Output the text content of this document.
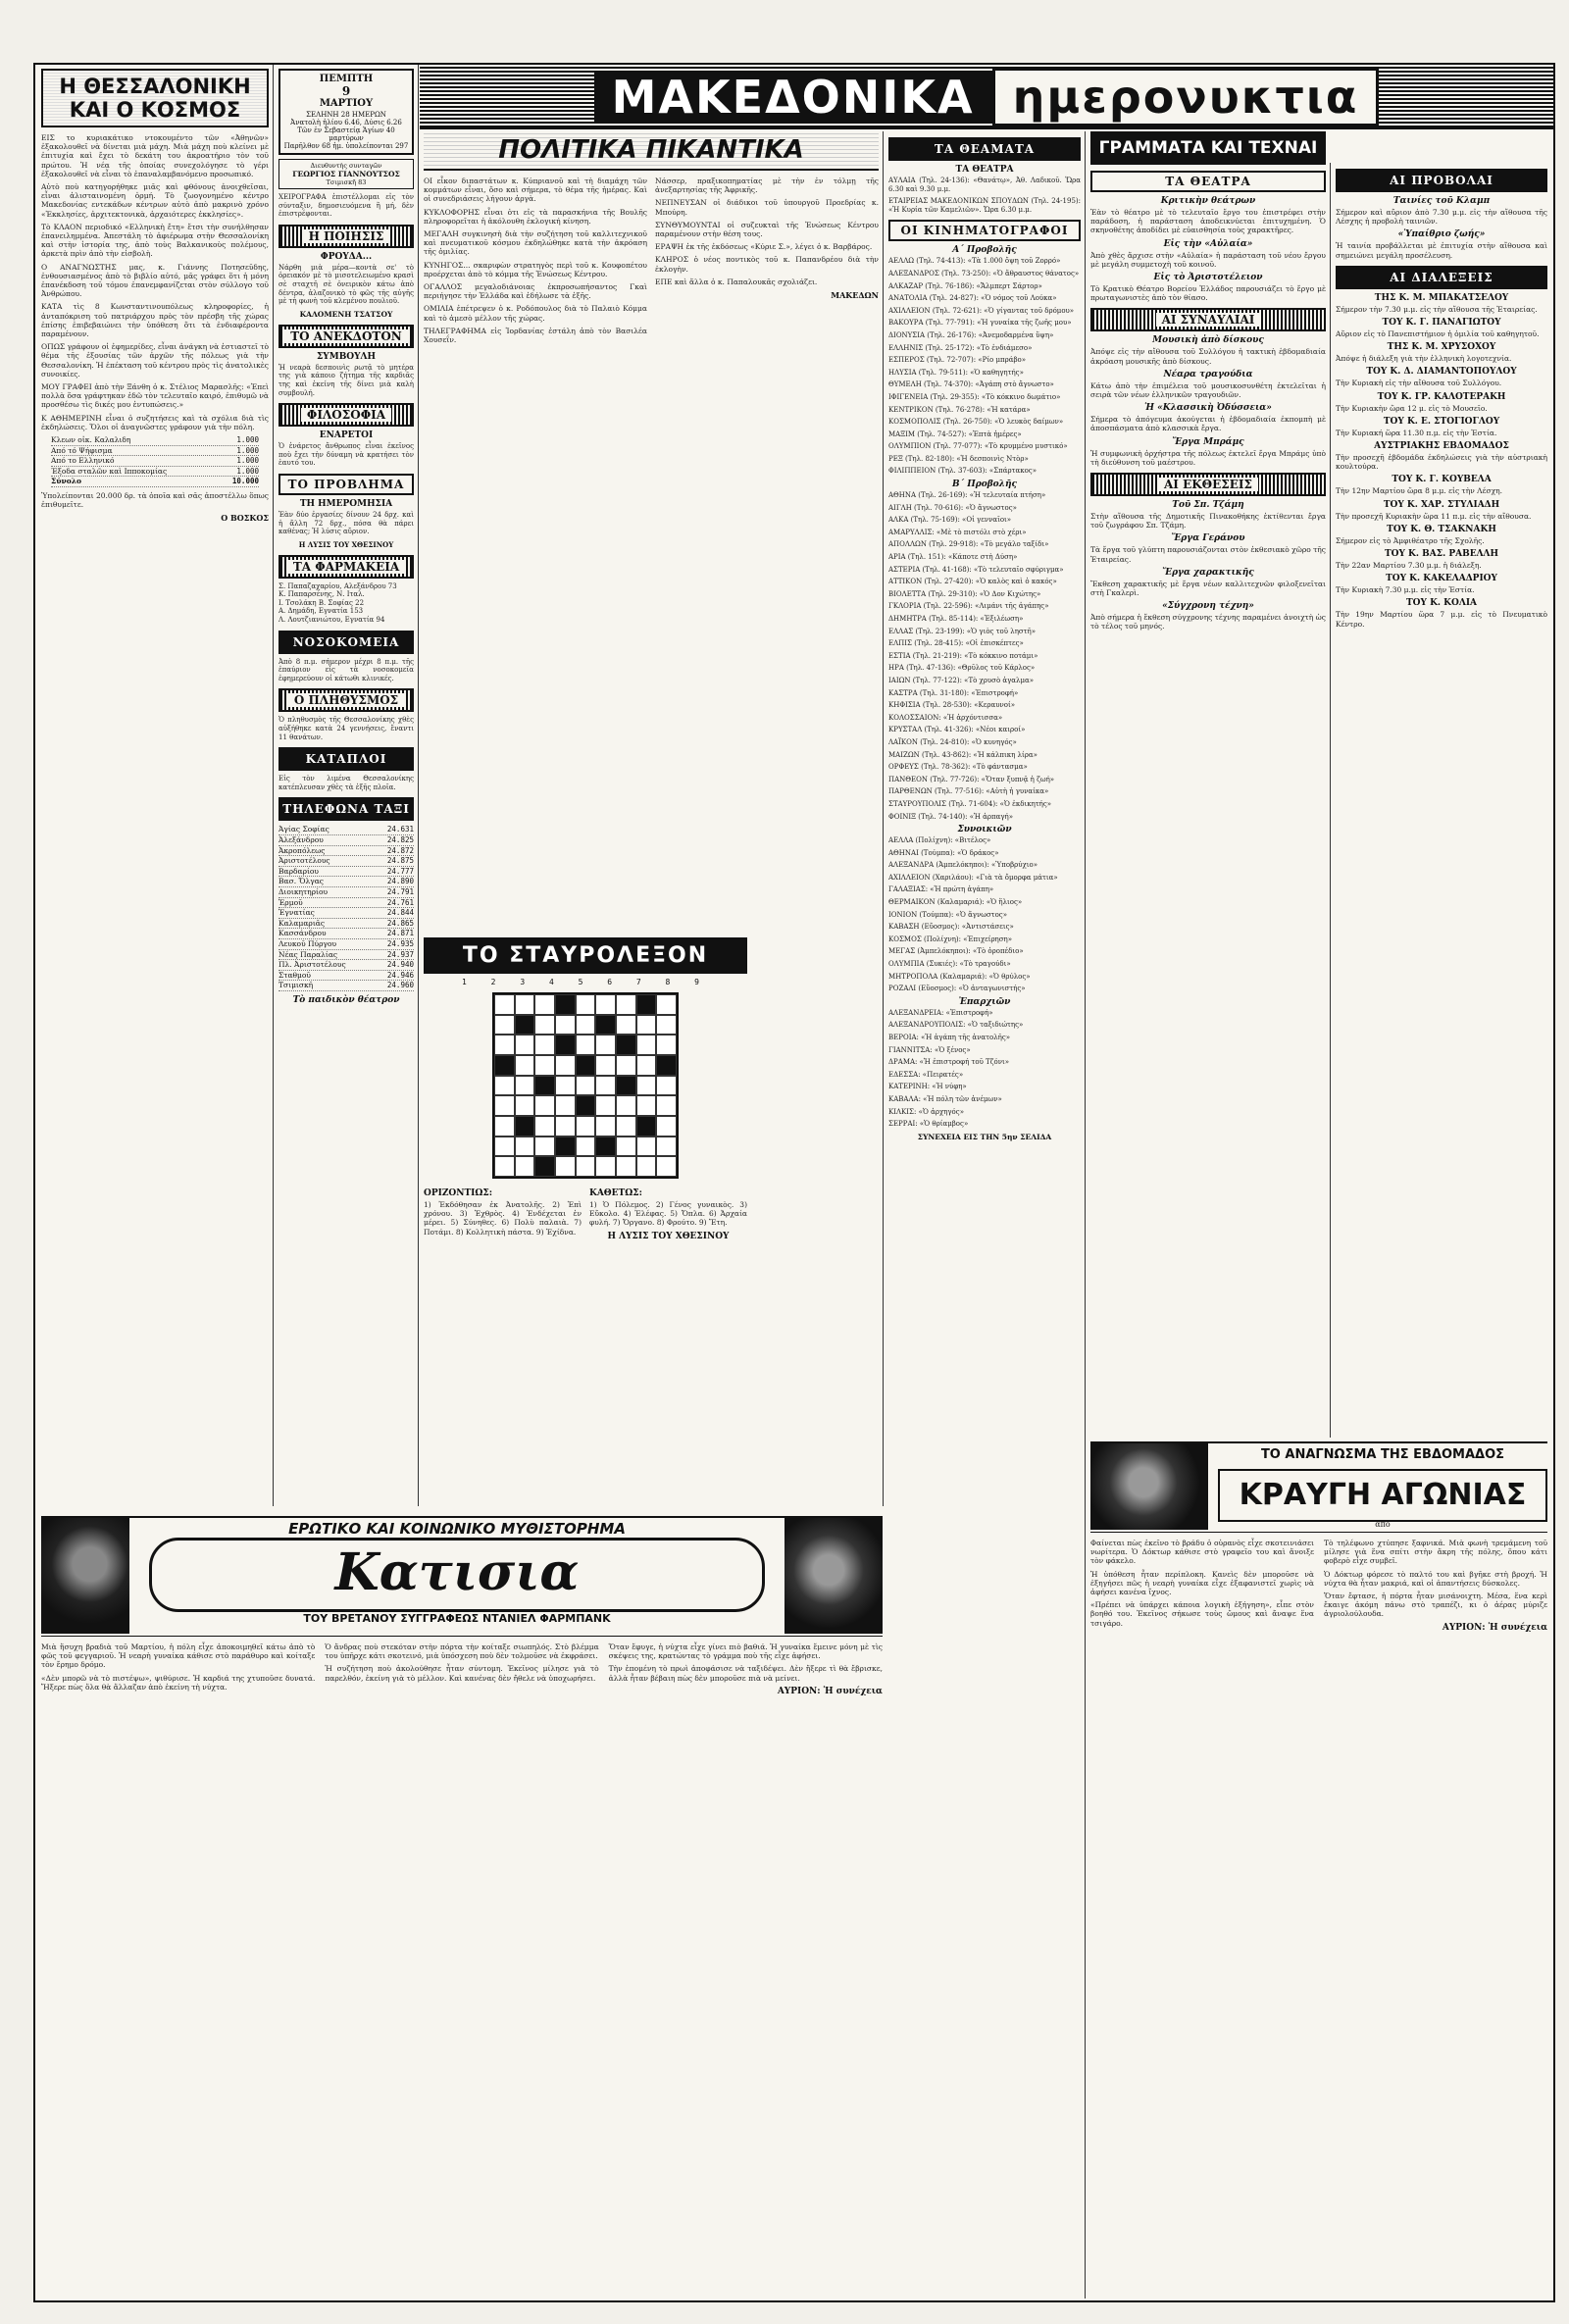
ΜΑΚΕΔΟΝΙΚΑ ημερονυκτια
Η ΘΕΣΣΑΛΟΝΙΚΗ ΚΑΙ Ο ΚΟΣΜΟΣ

ΕΙΣ το κυριακάτικο ντοκουμέντο τῶν «Ἀθηνῶν» ἐξακολουθεῖ νὰ δίνεται μιὰ μάχη. Μιὰ μάχη ποὺ κλείνει μὲ ἐπιτυχία καὶ ἔχει τὸ δεκάτη του ἀκροατήριο τὸν τοῦ πρώτου. Ἡ νέα τῆς ὁποίας συνεχολόγησε τὸ γέρι ἐξακολουθεῖ νὰ εἶναι τὸ ἐπαναλαμβανόμενο προσωπικό.

Αὐτὸ ποὺ κατηγορήθηκε μιᾶς καὶ φθόνους ἀνοιχθεῖσαι, εἶναι ἁλισταινομένη ὁρμή. Τὸ ζωογονημένο κέντρο Μακεδονίας εντεκάδων κέντρων αὐτὸ ἀπὸ μακρινὸ χρόνο «Ἐκκλησίες, ἀρχιτεκτονικὰ, ἀρχαιότερες ἐκκλησίες».

Τὸ ΚΛΑΟΝ περιοδικό «Ελληνικὴ ἔτη» ἔτσι τὴν συνήλθησαν ἐπανειλημμένα. Ἀπεστάλη τὸ ἀφιέρωμα στὴν Θεσσαλονίκη καὶ στὴν ἱστορία της, ἀπὸ τοὺς Βαλκανικοὺς πολέμους, ἀρκετὰ πρὶν ἀπὸ τὴν εἰσβολὴ.

Ο ΑΝΑΓΝΩΣΤΗΣ μας, κ. Γιάννης Ποτησεῦδης, ἐνθουσιασμένος ἀπὸ τὸ βιβλίο αὐτό, μᾶς γράφει ὅτι ἡ μόνη ἐπανέκδοση τοῦ τόμου ἐπανεμφανίζεται στὸν σύλλογο τοῦ Ἀνθρώπου.

ΚΑΤΑ τὶς 8 Κωνσταντινουπόλεως κληροφορίες, ἡ ἀνταπόκριση τοῦ πατριάρχου πρὸς τὸν πρέσβη τῆς χώρας ἐπίσης ἐπιβεβαιώνει τὴν ὑπόθεση ὅτι τὰ ἐνδιαφέροντα παραμένουν.

ΟΠΩΣ γράφουν οἱ ἐφημερίδες, εἶναι ἀνάγκη νὰ ἑστιαστεῖ τὸ θέμα τῆς ἐξουσίας τῶν ἀρχῶν τῆς πόλεως γιὰ τὴν Θεσσαλονίκη. Ἡ ἐπέκταση τοῦ κέντρου πρὸς τὶς ἀνατολικὲς συνοικίες.

ΜΟΥ ΓΡΑΦΕΙ ἀπὸ τὴν Ξάνθη ὁ κ. Στέλιος Μαρασλῆς: «Ἐπεὶ πολλὰ ὅσα γράφτηκαν ἐδῶ τὸν τελευταῖο καιρό, ἐπιθυμῶ νὰ προσθέσω τὶς δικές μου ἐντυπώσεις.»

Κ ΑΘΗΜΕΡΙΝΗ εἶναι ὁ συζητήσεις καὶ τὰ σχόλια διὰ τὶς ἐκδηλώσεις. Ὅλοι οἱ ἀναγνῶστες γράφουν γιὰ τὴν πόλη.

Κλεων οἰκ. Καλαλιδη	1.000
Από τό Ψήφισμα	1.000
Από το Ελληνικό	1.000
Έξοδα σταλῶν καὶ Ιπποκομίας	1.000
Σύνολο	10.000

Ὑπολείπονται 20.000 δρ. τὰ ὁποῖα καὶ σᾶς ἀποστέλλω ὅπως ἐπιθυμεῖτε.

Ο ΒΟΣΚΟΣ
ΠΕΜΠΤΗ
9
ΜΑΡΤΙΟΥ
ΣΕΛΗΝΗ 28 ΗΜΕΡΩΝ
Ἀνατολὴ ἡλίου 6.46, Δύσις 6.26
Τῶν ἐν Σεβαστείᾳ Ἁγίων 40 μαρτύρων
Παρῆλθον 68 ἡμ. ὑπολείπονται 297
Διευθυντὴς συνταγῶν
ΓΕΩΡΓΙΟΣ ΓΙΑΝΝΟΥΤΣΟΣ
Τσιμισκῆ 83

ΧΕΙΡΟΓΡΑΦΑ ἐπιστέλλομαι εἰς τὸν σύνταξιν, δημοσιευόμενα ἢ μή, δὲν ἐπιστρέφονται.

Η ΠΟΙΗΣΙΣ
ΦΡΟΥΔΑ...

Νάρθη μιὰ μέρα—κοντὰ σε' τὸ ὀρειακόν μὲ τὸ μισοτελειωμένο κρασὶ σὲ σταχτῆ σὲ ὀνειρικὸν κάτω ἀπὸ δέντρα, ἀλαζονικὸ τὸ φῶς τῆς αὐγῆς μὲ τὴ φωνὴ τοῦ κλεμένου πουλιοῦ.

ΚΑΛΟΜΕΝΗ ΤΣΑΤΣΟΥ
ΤΟ ΑΝΕΚΔΟΤΟΝ
ΣΥΜΒΟΥΛΗ

Ἡ νεαρὰ δεσποινὶς ρωτᾷ τὸ μητέρα της γιὰ κάποιο ζήτημα τῆς καρδιᾶς της καὶ ἐκείνη τῆς δίνει μιὰ καλὴ συμβουλή.

ΦΙΛΟΣΟΦΙΑ
ΕΝΑΡΕΤΟΙ

Ὁ ἐνάρετος ἄνθρωπος εἶναι ἐκεῖνος ποὺ ἔχει τὴν δύναμη νὰ κρατήσει τὸν ἑαυτό του.

ΤΟ ΠΡΟΒΛΗΜΑ
ΤΗ ΗΜΕΡΟΜΗΣΙΑ

Ἐὰν δύο ἐργασίες δίνουν 24 δρχ. καὶ ἡ ἄλλη 72 δρχ., πόσα θὰ πάρει καθένας; Ἡ λύσις αὔριον.

Η ΛΥΣΙΣ ΤΟΥ ΧΘΕΣΙΝΟΥ
ΤΑ ΦΑΡΜΑΚΕΙΑ
Σ. Παπαζαχαρίου, Αλεξάνδρου 73
Κ. Παπαρσένης, Ν. Ιταλ.
Ι. Τσολάκη Β. Σοφίας 22
Α. Δημάδη, Εγνατία 153
Λ. Λουτζιανιώτου, Εγνατία 94
ΝΟΣΟΚΟΜΕΙΑ

Ἀπὸ 8 π.μ. σήμερον μέχρι 8 π.μ. τῆς ἐπαύριον εἰς τὰ νοσοκομεῖα ἐφημερεύουν οἱ κάτωθι κλινικές.

Ο ΠΛΗΘΥΣΜΟΣ

Ὁ πληθυσμὸς τῆς Θεσσαλονίκης χθὲς αὐξήθηκε κατὰ 24 γεννήσεις, ἔναντι 11 θανάτων.

ΚΑΤΑΠΛΟΙ

Εἰς τὸν λιμένα Θεσσαλονίκης κατέπλευσαν χθὲς τὰ ἑξῆς πλοῖα.

ΤΗΛΕΦΩΝΑ ΤΑΞΙ
Ἁγίας Σοφίας	24.631
Ἁλεξάνδρου	24.825
Ἀκροπόλεως	24.872
Ἀριστοτέλους	24.875
Βαρδαρίου	24.777
Βασ. Ὄλγας	24.890
Διοικητηρίου	24.791
Ἑρμοῦ	24.761
Ἐγνατίας	24.844
Καλαμαριᾶς	24.865
Κασσάνδρου	24.871
Λευκοῦ Πύργου	24.935
Νέας Παραλίας	24.937
Πλ. Ἀριστοτέλους	24.940
Σταθμοῦ	24.946
Τσιμισκῆ	24.960
Τὸ παιδικὸν θέατρον
ΠΟΛΙΤΙΚΑ ΠΙΚΑΝΤΙΚΑ

ΟΙ εἶκον διπαστάτων κ. Κύπριανοῦ καὶ τὴ διαμάχη τῶν κομμάτων εἶναι, ὅσο καὶ σήμερα, τὸ θέμα τῆς ἡμέρας. Καὶ οἱ συνεδριάσεις λήγουν ἀργὰ.

ΚΥΚΛΟΦΟΡΗΣ εἶναι ὁτι εἰς τὰ παρασκήνια τῆς Βουλῆς πληροφορεῖται ἡ ἀκόλουθη ἐκλογική κίνηση.

ΜΕΓΑΛΗ συγκινησὴ διὰ τὴν συζήτηση τοῦ καλλιτεχνικοῦ καὶ πνευματικοῦ κόσμου ἐκδηλώθηκε κατὰ τὴν ἀκρόαση τῆς ὁμιλίας.

ΚΥΝΗΓΟΣ... σκαριφὼν στρατηγὸς περὶ τοῦ κ. Κουφοπέτου προέρχεται ἀπὸ τὸ κόμμα τῆς Ἑνώσεως Κέντρου.

ΟΓΑΛΛΟΣ μεγαλοδιάνοιας ἐκπροσωπήσαντος Γκαὶ περιήγησε τὴν Ἑλλάδα καὶ ἐδήλωσε τὰ ἑξῆς.

ΟΜΙΛΙΑ ἐπέτρεψεν ὁ κ. Ροδόπουλος διὰ τὸ Παλαιὸ Κόμμα καὶ τὸ ἀμεσὸ μέλλον τῆς χώρας.

ΤΗΛΕΓΡΑΦΗΜΑ εἰς Ἰορδανίας ἐστάλη ἀπὸ τὸν Βασιλέα Χουσεΐν.

Νάσσερ, πραξικοπηματίας μὲ τὴν ἐν τόλμῃ τῆς ἀνεξαρτησίας τῆς Ἀφρικῆς.

ΝΕΠΝΕΥΣΑΝ οἱ διάδικοι τοῦ ὑπουργοῦ Προεδρίας κ. Μπούρη.

ΣΥΝΘΥΜΟΥΝΤΑΙ οἱ συζευκταὶ τῆς Ἑνώσεως Κέντρου παραμένουν στὴν θέση τους.

ΕΡΑΨΗ ἐκ τῆς ἐκδόσεως «Κύριε Σ.», λέγει ὁ κ. Βαρβάρος.

ΚΛΗΡΟΣ ὁ νέος ποντικὸς τοῦ κ. Παπανδρέου διὰ τὴν ἐκλογὴν.

ΕΠΕ καὶ ἄλλα ὁ κ. Παπαλουκᾶς σχολιάζει.

ΜΑΚΕΔΩΝ
ΤΟ ΣΤΑΥΡΟΛΕΞΟΝ
1 2 3 4 5 6 7 8 9
ΟΡΙΖΟΝΤΙΩΣ:

1) Ἐκδόθησαν ἐκ Ἀνατολῆς. 2) Ἐπὶ χρόνου. 3) Ἐχθρὸς. 4) Ἐνδέχεται ἐν μέρει. 5) Σύνηθες. 6) Πολὺ παλαιὰ. 7) Ποτάμι. 8) Κολλητικὴ πάστα. 9) Ἐχίδνα.

ΚΑΘΕΤΩΣ:

1) Ὁ Πόλεμος. 2) Γένος γυναικὸς. 3) Εὔκολο. 4) Ἐλέφας. 5) Ὄπλα. 6) Ἀρχαία φυλή. 7) Ὄργανο. 8) Φρούτο. 9) Ἔτη.

Η ΛΥΣΙΣ ΤΟΥ ΧΘΕΣΙΝΟΥ
ΤΑ ΘΕΑΜΑΤΑ
ΤΑ ΘΕΑΤΡΑ

ΑΥΛΑΙΑ (Τηλ. 24-136): «Θανάτῳ», Ἀθ. Λαδικοῦ. Ὥρα 6.30 καὶ 9.30 μ.μ.

ΕΤΑΙΡΕΙΑΣ ΜΑΚΕΔΟΝΙΚΩΝ ΣΠΟΥΔΩΝ (Τηλ. 24-195): «Ἡ Κυρία τῶν Καμελιῶν». Ὥρα 6.30 μ.μ.

ΟΙ ΚΙΝΗΜΑΤΟΓΡΑΦΟΙ
Α΄ Προβολῆς

ΑΕΛΛΩ (Τηλ. 74-413): «Τὰ 1.000 ὄψη τοῦ Ζορρό»

ΑΛΕΞΑΝΔΡΟΣ (Τηλ. 73-250): «Ὁ ἄθραυστος θάνατος»

ΑΛΚΑΖΑΡ (Τηλ. 76-186): «Ἄλμπερτ Σάρτορ»

ΑΝΑΤΟΛΙΑ (Τηλ. 24-827): «Ὁ νόμος τοῦ Λούκα»

ΑΧΙΛΛΕΙΟΝ (Τηλ. 72-621): «Ὁ γίγαντας τοῦ δρόμου»

ΒΑΚΟΥΡΑ (Τηλ. 77-791): «Ἡ γυναίκα τῆς ζωῆς μου»

ΔΙΟΝΥΣΙΑ (Τηλ. 26-176): «Ἀνεμοδαρμένα ὕψη»

ΕΛΛΗΝΙΣ (Τηλ. 25-172): «Τὸ ἐνδιάμεσο»

ΕΣΠΕΡΟΣ (Τηλ. 72-707): «Ρίο μπράβο»

ΗΛΥΣΙΑ (Τηλ. 79-511): «Ὁ καθηγητής»

ΘΥΜΕΛΗ (Τηλ. 74-370): «Ἀγάπη στὸ ἄγνωστο»

ΙΦΙΓΕΝΕΙΑ (Τηλ. 29-355): «Τὸ κόκκινο δωμάτιο»

ΚΕΝΤΡΙΚΟΝ (Τηλ. 76-278): «Ἡ κατάρα»

ΚΟΣΜΟΠΟΛΙΣ (Τηλ. 26-750): «Ὁ λευκὸς δαίμων»

ΜΑΞΙΜ (Τηλ. 74-527): «Ἑπτὰ ἡμέρες»

ΟΛΥΜΠΙΟΝ (Τηλ. 77-077): «Τὸ κρυμμένο μυστικό»

ΡΕΞ (Τηλ. 82-180): «Ἡ δεσποινὶς Ντὸρ»

ΦΙΛΙΠΠΕΙΟΝ (Τηλ. 37-603): «Σπάρτακος»

Β΄ Προβολῆς

ΑΘΗΝΑ (Τηλ. 26-169): «Ἡ τελευταία πτήση»

ΑΙΓΛΗ (Τηλ. 70-616): «Ὁ ἄγνωστος»

ΑΛΚΑ (Τηλ. 75-169): «Οἱ γενναῖοι»

ΑΜΑΡΥΛΛΙΣ: «Μὲ τὸ πιστόλι στὸ χέρι»

ΑΠΟΛΛΩΝ (Τηλ. 29-918): «Τὸ μεγάλο ταξίδι»

ΑΡΙΑ (Τηλ. 151): «Κάποτε στὴ Δύση»

ΑΣΤΕΡΙΑ (Τηλ. 41-168): «Τὸ τελευταῖο σφύριγμα»

ΑΤΤΙΚΟΝ (Τηλ. 27-420): «Ὁ καλὸς καὶ ὁ κακός»

ΒΙΟΛΕΤΤΑ (Τηλ. 29-310): «Ὁ Δον Κιχώτης»

ΓΚΛΟΡΙΑ (Τηλ. 22-596): «Λιμάνι τῆς ἀγάπης»

ΔΗΜΗΤΡΑ (Τηλ. 85-114): «Ἐξιλέωση»

ΕΛΛΑΣ (Τηλ. 23-199): «Ὁ γιὸς τοῦ ληστῆ»

ΕΛΠΙΣ (Τηλ. 28-415): «Οἱ ἐπισκέπτες»

ΕΣΤΙΑ (Τηλ. 21-219): «Τὸ κόκκινο ποτάμι»

ΗΡΑ (Τηλ. 47-136): «Θρῦλος τοῦ Κάρλος»

ΙΑΙΩΝ (Τηλ. 77-122): «Τὸ χρυσὸ ἀγαλμα»

ΚΑΣΤΡΑ (Τηλ. 31-180): «Ἐπιστροφή»

ΚΗΦΙΣΙΑ (Τηλ. 28-530): «Κεραυνοί»

ΚΟΛΟΣΣΑΙΟΝ: «Ἡ ἀρχόντισσα»

ΚΡΥΣΤΑΛ (Τηλ. 41-326): «Νέοι καιροί»

ΛΑΪΚΟΝ (Τηλ. 24-810): «Ὁ κυνηγός»

ΜΑΙΖΩΝ (Τηλ. 43-862): «Ἡ κάλπικη λίρα»

ΟΡΦΕΥΣ (Τηλ. 78-362): «Τὸ φάντασμα»

ΠΑΝΘΕΟΝ (Τηλ. 77-726): «Ὅταν ξυπνᾷ ἡ ζωή»

ΠΑΡΘΕΝΩΝ (Τηλ. 77-516): «Αὐτὴ ἡ γυναίκα»

ΣΤΑΥΡΟΥΠΟΛΙΣ (Τηλ. 71-604): «Ὁ ἐκδικητής»

ΦΟΙΝΙΞ (Τηλ. 74-140): «Ἡ ἀρπαγή»

Συνοικιῶν

ΑΕΛΛΑ (Πολίχνη): «Βιτέλος»

ΑΘΗΝΑΙ (Τούμπα): «Ὁ δράκος»

ΑΛΕΞΑΝΔΡΑ (Ἀμπελόκηποι): «Ὑποβρύχιο»

ΑΧΙΛΛΕΙΟΝ (Χαριλάου): «Γιὰ τὰ ὄμορφα μάτια»

ΓΑΛΑΞΙΑΣ: «Ἡ πρώτη ἀγάπη»

ΘΕΡΜΑΙΚΟΝ (Καλαμαριά): «Ὁ ἥλιος»

ΙΟΝΙΟΝ (Τούμπα): «Ὁ ἄγνωστος»

ΚΑΒΑΣΗ (Εὔοσμος): «Ἀντιστάσεις»

ΚΟΣΜΟΣ (Πολίχνη): «Ἐπιχείρηση»

ΜΕΓΑΣ (Ἀμπελόκηποι): «Τὸ ὁροπέδιο»

ΟΛΥΜΠΙΑ (Συκιές): «Τὸ τραγούδι»

ΜΗΤΡΟΠΟΛΑ (Καλαμαριά): «Ὁ θρύλος»

ΡΟΖΑΛΙ (Εὔοσμος): «Ὁ ἀνταγωνιστής»

Ἐπαρχιῶν

ΑΛΕΞΑΝΔΡΕΙΑ: «Ἐπιστροφή»

ΑΛΕΞΑΝΔΡΟΥΠΟΛΙΣ: «Ὁ ταξιδιώτης»

ΒΕΡΟΙΑ: «Ἡ ἀγάπη τῆς ἀνατολῆς»

ΓΙΑΝΝΙΤΣΑ: «Ὁ ξένος»

ΔΡΑΜΑ: «Ἡ ἐπιστροφή τοῦ Τζόνι»

ΕΔΕΣΣΑ: «Πειρατές»

ΚΑΤΕΡΙΝΗ: «Ἡ νύφη»

ΚΑΒΑΛΑ: «Ἡ πόλη τῶν ἀνέμων»

ΚΙΛΚΙΣ: «Ὁ ἀρχηγός»

ΣΕΡΡΑΙ: «Ὁ θρίαμβος»

ΣΥΝΕΧΕΙΑ ΕΙΣ ΤΗΝ 5ην ΣΕΛΙΔΑ
ΓΡΑΜΜΑΤΑ ΚΑΙ ΤΕΧΝΑΙ
ΤΑ ΘΕΑΤΡΑ
Κριτικὴν θεάτρων

Ἐὰν τὸ θέατρο μὲ τὸ τελευταῖο ἔργο του ἐπιστρέφει στὴν παράδοση, ἡ παράσταση ἀποδεικνύεται ἐπιτυχημένη. Ὁ σκηνοθέτης ἀποδίδει μὲ εὐαισθησία τοὺς χαρακτῆρες.

Εἰς τὴν «Αὐλαία»

Ἀπὸ χθὲς ἄρχισε στὴν «Αὐλαία» ἡ παράσταση τοῦ νέου ἔργου μὲ μεγάλη συμμετοχὴ τοῦ κοινοῦ.

Εἰς τὸ Ἀριστοτέλειον

Τὸ Κρατικὸ Θέατρο Βορείου Ἑλλάδος παρουσιάζει τὸ ἔργο μὲ πρωταγωνιστὲς ἀπὸ τὸν θίασο.

ΑΙ ΣΥΝΑΥΛΙΑΙ
Μουσικὴ ἀπὸ δίσκους

Ἀπόψε εἰς τὴν αἴθουσα τοῦ Συλλόγου ἡ τακτικὴ ἑβδομαδιαία ἀκρόαση μουσικῆς ἀπὸ δίσκους.

Νέαρα τραγούδια

Κάτω ἀπὸ τὴν ἐπιμέλεια τοῦ μουσικοσυνθέτη ἐκτελεῖται ἡ σειρὰ τῶν νέων ἑλληνικῶν τραγουδιῶν.

Ἡ «Κλασσικὴ Ὀδύσσεια»

Σήμερα τὸ ἀπόγευμα ἀκούγεται ἡ ἑβδομαδιαία ἐκπομπὴ μὲ ἀποσπάσματα ἀπὸ κλασσικὰ ἔργα.

Ἔργα Μπράμς

Ἡ συμφωνικὴ ὀρχήστρα τῆς πόλεως ἐκτελεῖ ἔργα Μπράμς ὑπὸ τὴ διεύθυνση τοῦ μαέστρου.

ΑΙ ΕΚΘΕΣΕΙΣ
Τοῦ Σπ. Τζάμη

Στὴν αἴθουσα τῆς Δημοτικῆς Πινακοθήκης ἐκτίθενται ἔργα τοῦ ζωγράφου Σπ. Τζάμη.

Ἔργα Γεράνου

Τὰ ἔργα τοῦ γλύπτη παρουσιάζονται στὸν ἐκθεσιακὸ χῶρο τῆς Ἑταιρείας.

Ἔργα χαρακτικῆς

Ἔκθεση χαρακτικῆς μὲ ἔργα νέων καλλιτεχνῶν φιλοξενεῖται στὴ Γκαλερὶ.

«Σύγχρονη τέχνη»

Ἀπὸ σήμερα ἡ ἔκθεση σύγχρονης τέχνης παραμένει ἀνοιχτὴ ὡς τὸ τέλος τοῦ μηνός.

ΑΙ ΠΡΟΒΟΛΑΙ
Ταινίες τοῦ Κλαμπ

Σήμερον καὶ αὔριον ἀπὸ 7.30 μ.μ. εἰς τὴν αἴθουσα τῆς Λέσχης ἡ προβολὴ ταινιῶν.

«Ὑπαίθριο ζωής»

Ἡ ταινία προβάλλεται μὲ ἐπιτυχία στὴν αἴθουσα καὶ σημειώνει μεγάλη προσέλευση.

ΑΙ ΔΙΑΛΕΞΕΙΣ
ΤΗΣ Κ. Μ. ΜΠΑΚΑΤΣΕΛΟΥ

Σήμερον τὴν 7.30 μ.μ. εἰς τὴν αἴθουσα τῆς Ἑταιρείας.

ΤΟΥ Κ. Γ. ΠΑΝΑΓΙΩΤΟΥ

Αὔριον εἰς τὸ Πανεπιστήμιον ἡ ὁμιλία τοῦ καθηγητοῦ.

ΤΗΣ Κ. Μ. ΧΡΥΣΟΧΟΥ

Ἀπόψε ἡ διάλεξη γιὰ τὴν ἑλληνικὴ λογοτεχνία.

ΤΟΥ Κ. Δ. ΔΙΑΜΑΝΤΟΠΟΥΛΟΥ

Τὴν Κυριακὴ εἰς τὴν αἴθουσα τοῦ Συλλόγου.

ΤΟΥ Κ. ΓΡ. ΚΑΛΟΤΕΡΑΚΗ

Τὴν Κυριακὴν ὥρα 12 μ. εἰς τὸ Μουσεῖο.

ΤΟΥ Κ. Ε. ΣΤΟΓΙΟΓΛΟΥ

Τὴν Κυριακή ὥρα 11.30 π.μ. εἰς τὴν Ἑστία.

ΑΥΣΤΡΙΑΚΗΣ ΕΒΔΟΜΑΔΟΣ

Τὴν προσεχῆ ἑβδομάδα ἐκδηλώσεις γιὰ τὴν αὐστριακὴ κουλτούρα.

ΤΟΥ Κ. Γ. ΚΟΥΒΕΛΑ

Τὴν 12ην Μαρτίου ὥρα 8 μ.μ. εἰς τὴν Λέσχη.

ΤΟΥ Κ. ΧΑΡ. ΣΤΥΛΙΑΔΗ

Τὴν προσεχῆ Κυριακὴν ὥρα 11 π.μ. εἰς τὴν αἴθουσα.

ΤΟΥ Κ. Θ. ΤΣΑΚΝΑΚΗ

Σήμερον εἰς τὸ Ἀμφιθέατρο τῆς Σχολῆς.

ΤΟΥ Κ. ΒΑΣ. ΡΑΒΕΛΛΗ

Τὴν 22αν Μαρτίου 7.30 μ.μ. ἡ διάλεξη.

ΤΟΥ Κ. ΚΑΚΕΛΑΔΡΙΟΥ

Τὴν Κυριακὴ 7.30 μ.μ. εἰς τὴν Ἑστία.

ΤΟΥ Κ. ΚΟΛΙΑ

Τὴν 19ην Μαρτίου ὥρα 7 μ.μ. εἰς τὸ Πνευματικὸ Κέντρο.

ΕΡΩΤΙΚΟ ΚΑΙ ΚΟΙΝΩΝΙΚΟ ΜΥΘΙΣΤΟΡΗΜΑ
Κατισια
ΤΟΥ ΒΡΕΤΑΝΟΥ ΣΥΓΓΡΑΦΕΩΣ ΝΤΑΝΙΕΛ ΦΑΡΜΠΑΝΚ

Μιὰ ἥσυχη βραδιὰ τοῦ Μαρτίου, ἡ πόλη εἶχε ἀποκοιμηθεῖ κάτω ἀπὸ τὸ φῶς τοῦ φεγγαριοῦ. Ἡ νεαρὴ γυναίκα κάθισε στὸ παράθυρο καὶ κοίταξε τὸν ἔρημο δρόμο.

«Δὲν μπορῶ νὰ τὸ πιστέψω», ψιθύρισε. Ἡ καρδιά της χτυποῦσε δυνατά. Ἤξερε πὼς ὅλα θὰ ἄλλαζαν ἀπὸ ἐκείνη τὴ νύχτα.

Ὁ ἄνδρας ποὺ στεκόταν στὴν πόρτα τὴν κοίταξε σιωπηλός. Στὸ βλέμμα του ὑπῆρχε κάτι σκοτεινό, μιὰ ὑπόσχεση ποὺ δὲν τολμοῦσε νὰ ἐκφράσει.

Ἡ συζήτηση ποὺ ἀκολούθησε ἦταν σύντομη. Ἐκεῖνος μίλησε γιὰ τὸ παρελθόν, ἐκείνη γιὰ τὸ μέλλον. Καὶ κανένας δὲν ἤθελε νὰ ὑποχωρήσει.

Ὅταν ἔφυγε, ἡ νύχτα εἶχε γίνει πιὸ βαθιά. Ἡ γυναίκα ἔμεινε μόνη μὲ τὶς σκέψεις της, κρατώντας τὸ γράμμα ποὺ τῆς εἶχε ἀφήσει.

Τὴν ἑπομένη τὸ πρωὶ ἀποφάσισε νὰ ταξιδέψει. Δὲν ἤξερε τὶ θὰ ἔβρισκε, ἀλλὰ ἦταν βέβαιη πὼς δὲν μποροῦσε πιὰ νὰ μείνει.

ΑΥΡΙΟΝ: Ἡ συνέχεια
ΤΟ ΑΝΑΓΝΩΣΜΑ ΤΗΣ ΕΒΔΟΜΑΔΟΣ
ΚΡΑΥΓΗ ΑΓΩΝΙΑΣ
ἀπὸ

Φαίνεται πὼς ἐκεῖνο τὸ βράδυ ὁ οὐρανὸς εἶχε σκοτεινιάσει νωρίτερα. Ὁ Δόκτωρ κάθισε στὸ γραφεῖο του καὶ ἄνοιξε τὸν φάκελο.

Ἡ ὑπόθεση ἦταν περίπλοκη. Κανεὶς δὲν μποροῦσε νὰ ἐξηγήσει πῶς ἡ νεαρὴ γυναίκα εἶχε ἐξαφανιστεῖ χωρὶς νὰ ἀφήσει κανένα ἴχνος.

«Πρέπει νὰ ὑπάρχει κάποια λογικὴ ἐξήγηση», εἶπε στὸν βοηθό του. Ἐκεῖνος σήκωσε τοὺς ὤμους καὶ ἄναψε ἕνα τσιγάρο.

Τὸ τηλέφωνο χτύπησε ξαφνικά. Μιὰ φωνὴ τρεμάμενη τοῦ μίλησε γιὰ ἕνα σπίτι στὴν ἄκρη τῆς πόλης, ὅπου κάτι φοβερὸ εἶχε συμβεῖ.

Ὁ Δόκτωρ φόρεσε τὸ παλτό του καὶ βγῆκε στὴ βροχή. Ἡ νύχτα θὰ ἦταν μακριά, καὶ οἱ ἀπαντήσεις δύσκολες.

Ὅταν ἔφτασε, ἡ πόρτα ἦταν μισάνοιχτη. Μέσα, ἕνα κερὶ ἔκαιγε ἀκόμη πάνω στὸ τραπέζι, κι ὁ ἀέρας μύριζε ἀγριολούλουδα.

ΑΥΡΙΟΝ: Ἡ συνέχεια
